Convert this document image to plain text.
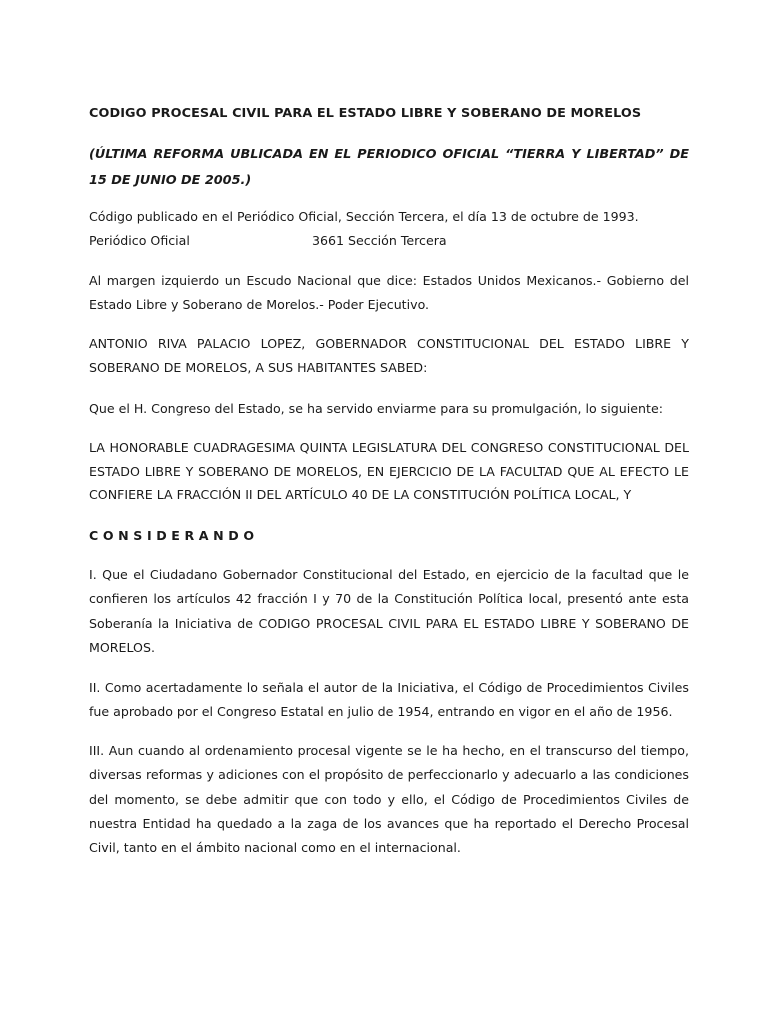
CODIGO PROCESAL CIVIL PARA EL ESTADO LIBRE Y SOBERANO DE MORELOS

(ÚLTIMA REFORMA UBLICADA EN EL PERIODICO OFICIAL “TIERRA Y LIBERTAD” DE 15 DE JUNIO DE 2005.)

Código publicado en el Periódico Oficial, Sección Tercera, el día 13 de octubre de 1993.
Periódico Oficial	3661 Sección Tercera

Al margen izquierdo un Escudo Nacional que dice: Estados Unidos Mexicanos.- Gobierno del Estado Libre y Soberano de Morelos.- Poder Ejecutivo.

ANTONIO RIVA PALACIO LOPEZ, GOBERNADOR CONSTITUCIONAL DEL ESTADO LIBRE Y SOBERANO DE MORELOS, A SUS HABITANTES SABED:

Que el H. Congreso del Estado, se ha servido enviarme para su promulgación, lo siguiente:

LA HONORABLE CUADRAGESIMA QUINTA LEGISLATURA DEL CONGRESO CONSTITUCIONAL DEL ESTADO LIBRE Y SOBERANO DE MORELOS, EN EJERCICIO DE LA FACULTAD QUE AL EFECTO LE CONFIERE LA FRACCIÓN II DEL ARTÍCULO 40 DE LA CONSTITUCIÓN POLÍTICA LOCAL, Y

CONSIDERANDO

I. Que el Ciudadano Gobernador Constitucional del Estado, en ejercicio de la facultad que le confieren los artículos 42 fracción I y 70 de la Constitución Política local, presentó ante esta Soberanía la Iniciativa de CODIGO PROCESAL CIVIL PARA EL ESTADO LIBRE Y SOBERANO DE MORELOS.

II. Como acertadamente lo señala el autor de la Iniciativa, el Código de Procedimientos Civiles fue aprobado por el Congreso Estatal en julio de 1954, entrando en vigor en el año de 1956.

III. Aun cuando al ordenamiento procesal vigente se le ha hecho, en el transcurso del tiempo, diversas reformas y adiciones con el propósito de perfeccionarlo y adecuarlo a las condiciones del momento, se debe admitir que con todo y ello, el Código de Procedimientos Civiles de nuestra Entidad ha quedado a la zaga de los avances que ha reportado el Derecho Procesal Civil, tanto en el ámbito nacional como en el internacional.
